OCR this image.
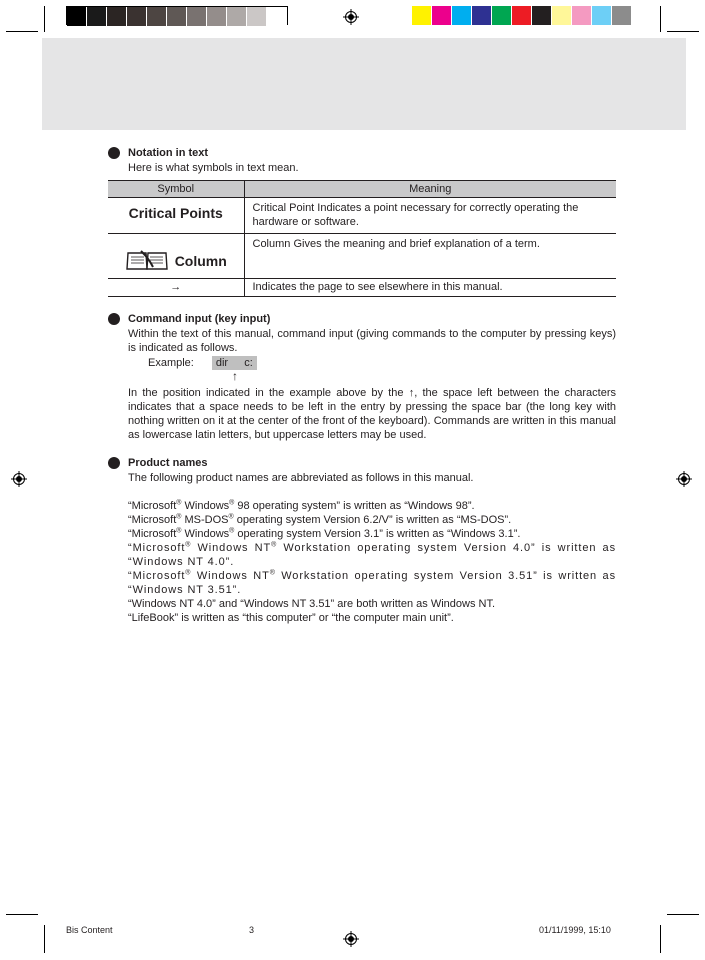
Notation in text
Here is what symbols in text mean.
Symbol	Meaning

Critical Points	Critical Point Indicates a point necessary for correctly operating the hardware or software.

Column	Column Gives the meaning and brief explanation of a term.
→	Indicates the page to see elsewhere in this manual.
Command input (key input)
Within the text of this manual, command input (giving commands to the computer by pressing keys) is indicated as follows.
Example:	dir c:
↑
In the position indicated in the example above by the ↑, the space left between the characters indicates that a space needs to be left in the entry by pressing the space bar (the long key with nothing written on it at the center of the front of the keyboard). Commands are written in this manual as lowercase latin letters, but uppercase letters may be used.
Product names
The following product names are abbreviated as follows in this manual.
“Microsoft® Windows® 98 operating system” is written as “Windows 98”.
“Microsoft® MS-DOS® operating system Version 6.2/V” is written as “MS-DOS”.
“Microsoft® Windows® operating system Version 3.1” is written as “Windows 3.1”.
“Microsoft® Windows NT® Workstation operating system Version 4.0” is written as “Windows NT 4.0”.
“Microsoft® Windows NT® Workstation operating system Version 3.51” is written as “Windows NT 3.51”.
“Windows NT 4.0” and “Windows NT 3.51” are both written as Windows NT.
“LifeBook” is written as “this computer” or “the computer main unit”.
Bis Content	3	01/11/1999, 15:10
